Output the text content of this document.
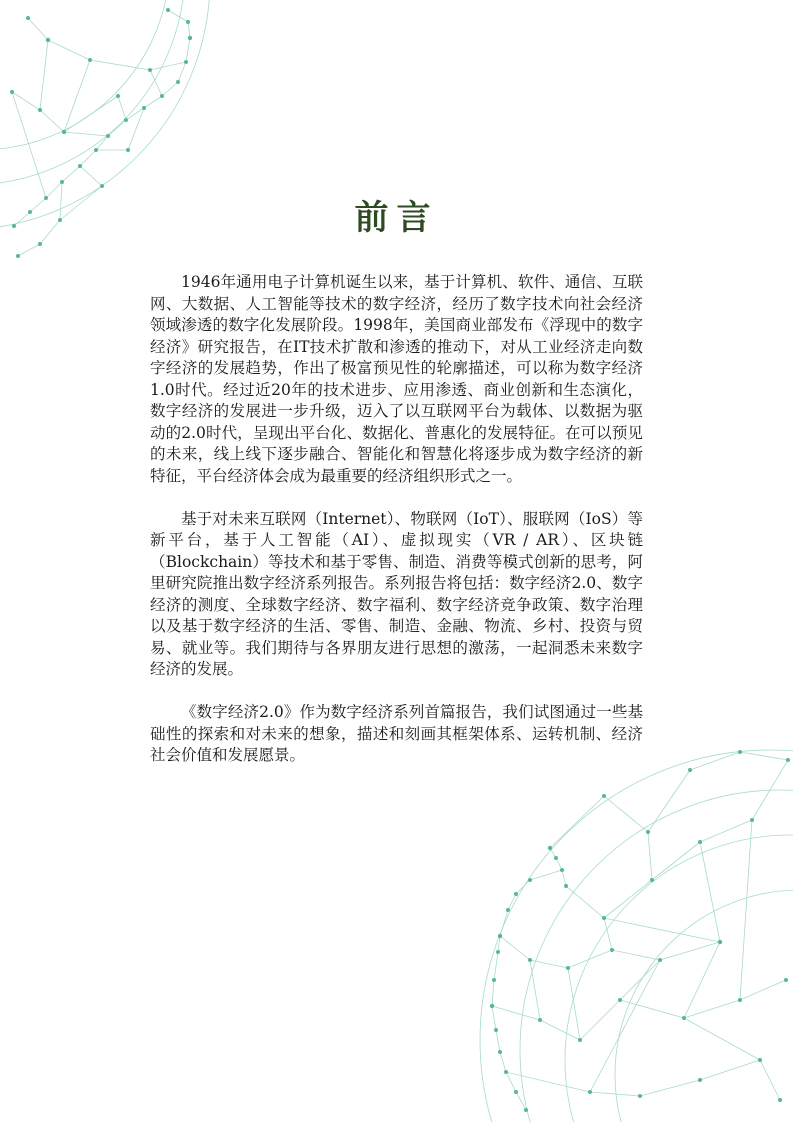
前言

1946年通用电子计算机诞生以来，基于计算机、软件、通信、互联网、大数据、人工智能等技术的数字经济，经历了数字技术向社会经济领域渗透的数字化发展阶段。1998年，美国商业部发布《浮现中的数字经济》研究报告，在IT技术扩散和渗透的推动下，对从工业经济走向数字经济的发展趋势，作出了极富预见性的轮廓描述，可以称为数字经济1.0时代。经过近20年的技术进步、应用渗透、商业创新和生态演化，数字经济的发展进一步升级，迈入了以互联网平台为载体、以数据为驱动的2.0时代，呈现出平台化、数据化、普惠化的发展特征。在可以预见的未来，线上线下逐步融合、智能化和智慧化将逐步成为数字经济的新特征，平台经济体会成为最重要的经济组织形式之一。

基于对未来互联网（Internet）、物联网（IoT）、服联网（IoS）等新平台，基于人工智能（AI）、虚拟现实（VR / AR）、区块链（Blockchain）等技术和基于零售、制造、消费等模式创新的思考，阿里研究院推出数字经济系列报告。系列报告将包括：数字经济2.0、数字经济的测度、全球数字经济、数字福利、数字经济竞争政策、数字治理以及基于数字经济的生活、零售、制造、金融、物流、乡村、投资与贸易、就业等。我们期待与各界朋友进行思想的激荡，一起洞悉未来数字经济的发展。

《数字经济2.0》作为数字经济系列首篇报告，我们试图通过一些基础性的探索和对未来的想象，描述和刻画其框架体系、运转机制、经济社会价值和发展愿景。
